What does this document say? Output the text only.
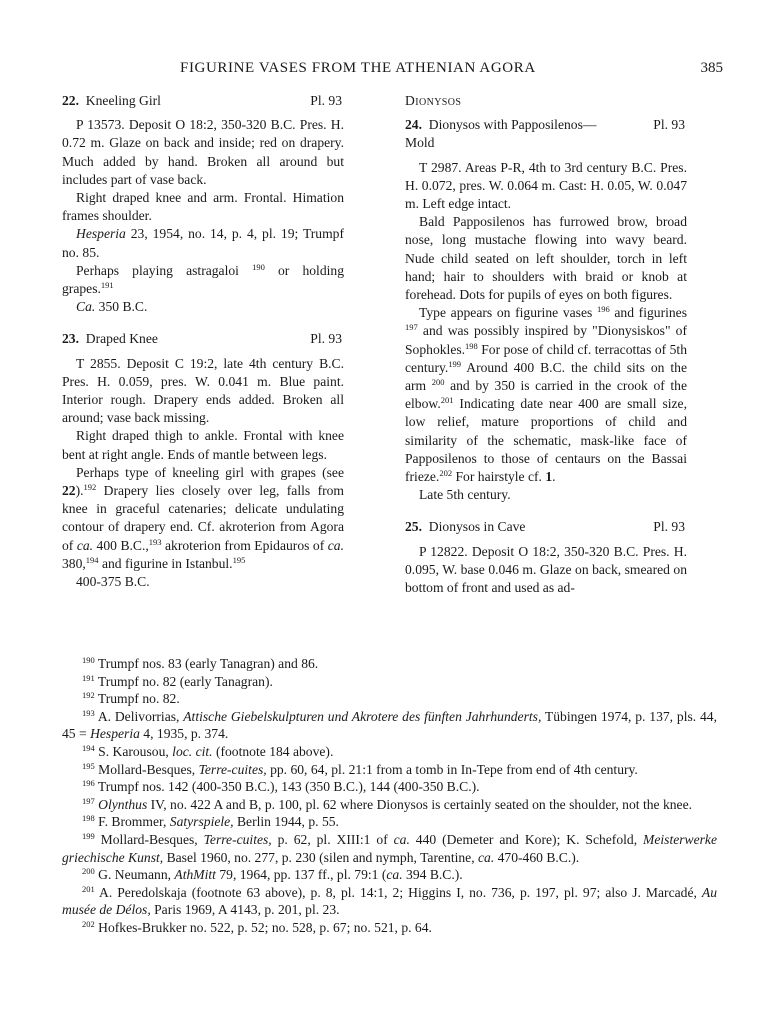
FIGURINE VASES FROM THE ATHENIAN AGORA	385
22. Kneeling Girl	Pl. 93

P 13573. Deposit O 18:2, 350-320 B.C. Pres. H. 0.72 m. Glaze on back and inside; red on drapery. Much added by hand. Broken all around but includes part of vase back.

Right draped knee and arm. Frontal. Himation frames shoulder.

Hesperia 23, 1954, no. 14, p. 4, pl. 19; Trumpf no. 85.

Perhaps playing astragaloi $^{190}$ or holding grapes.$^{191}$

Ca. 350 B.C.

23. Draped Knee	Pl. 93

T 2855. Deposit C 19:2, late 4th century B.C. Pres. H. 0.059, pres. W. 0.041 m. Blue paint. Interior rough. Drapery ends added. Broken all around; vase back missing.

Right draped thigh to ankle. Frontal with knee bent at right angle. Ends of mantle between legs.

Perhaps type of kneeling girl with grapes (see 22).$^{192}$ Drapery lies closely over leg, falls from knee in graceful catenaries; delicate undulating contour of drapery end. Cf. akroterion from Agora of ca. 400 B.C.,$^{193}$ akroterion from Epidauros of ca. 380,$^{194}$ and figurine in Istanbul.$^{195}$

400-375 B.C.

Dionysos
24. Dionysos with Papposilenos—Mold
Pl. 93

T 2987. Areas P-R, 4th to 3rd century B.C. Pres. H. 0.072, pres. W. 0.064 m. Cast: H. 0.05, W. 0.047 m. Left edge intact.

Bald Papposilenos has furrowed brow, broad nose, long mustache flowing into wavy beard. Nude child seated on left shoulder, torch in left hand; hair to shoulders with braid or knob at forehead. Dots for pupils of eyes on both figures.

Type appears on figurine vases $^{196}$ and figurines $^{197}$ and was possibly inspired by "Dionysiskos" of Sophokles.$^{198}$ For pose of child cf. terracottas of 5th century.$^{199}$ Around 400 B.C. the child sits on the arm $^{200}$ and by 350 is carried in the crook of the elbow.$^{201}$ Indicating date near 400 are small size, low relief, mature proportions of child and similarity of the schematic, mask-like face of Papposilenos to those of centaurs on the Bassai frieze.$^{202}$ For hairstyle cf. 1.

Late 5th century.

25. Dionysos in Cave	Pl. 93

P 12822. Deposit O 18:2, 350-320 B.C. Pres. H. 0.095, W. base 0.046 m. Glaze on back, smeared on bottom of front and used as ad-

$^{190}$ Trumpf nos. 83 (early Tanagran) and 86.

$^{191}$ Trumpf no. 82 (early Tanagran).

$^{192}$ Trumpf no. 82.

$^{193}$ A. Delivorrias, Attische Giebelskulpturen und Akrotere des fünften Jahrhunderts, Tübingen 1974, p. 137, pls. 44, 45 = Hesperia 4, 1935, p. 374.

$^{194}$ S. Karousou, loc. cit. (footnote 184 above).

$^{195}$ Mollard-Besques, Terre-cuites, pp. 60, 64, pl. 21:1 from a tomb in In-Tepe from end of 4th century.

$^{196}$ Trumpf nos. 142 (400-350 B.C.), 143 (350 B.C.), 144 (400-350 B.C.).

$^{197}$ Olynthus IV, no. 422 A and B, p. 100, pl. 62 where Dionysos is certainly seated on the shoulder, not the knee.

$^{198}$ F. Brommer, Satyrspiele, Berlin 1944, p. 55.

$^{199}$ Mollard-Besques, Terre-cuites, p. 62, pl. XIII:1 of ca. 440 (Demeter and Kore); K. Schefold, Meisterwerke griechische Kunst, Basel 1960, no. 277, p. 230 (silen and nymph, Tarentine, ca. 470-460 B.C.).

$^{200}$ G. Neumann, AthMitt 79, 1964, pp. 137 ff., pl. 79:1 (ca. 394 B.C.).

$^{201}$ A. Peredolskaja (footnote 63 above), p. 8, pl. 14:1, 2; Higgins I, no. 736, p. 197, pl. 97; also J. Marcadé, Au musée de Délos, Paris 1969, A 4143, p. 201, pl. 23.

$^{202}$ Hofkes-Brukker no. 522, p. 52; no. 528, p. 67; no. 521, p. 64.
